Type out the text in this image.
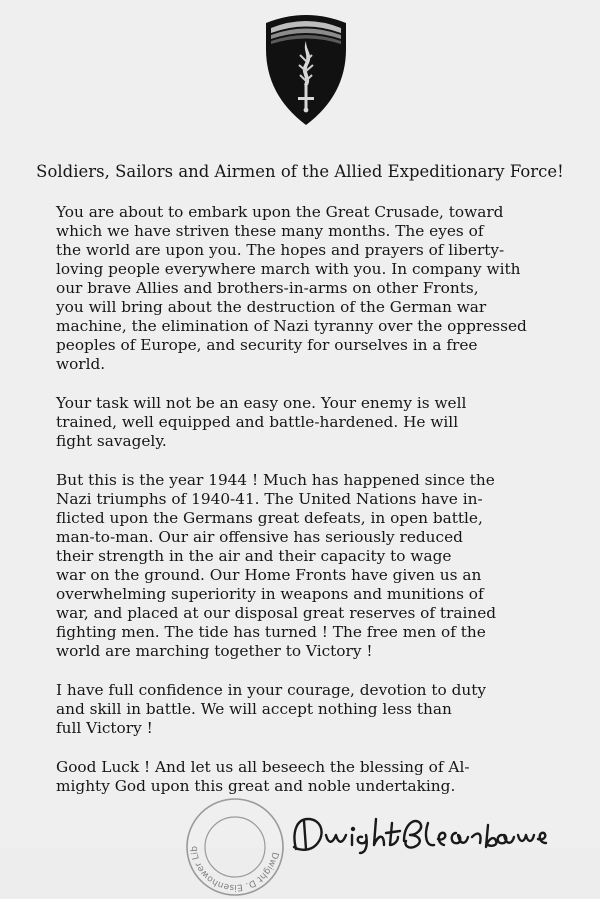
Soldiers, Sailors and Airmen of the Allied Expeditionary Force!

You are about to embark upon the Great Crusade, toward
which we have striven these many months. The eyes of
the world are upon you. The hopes and prayers of liberty-
loving people everywhere march with you. In company with
our brave Allies and brothers-in-arms on other Fronts,
you will bring about the destruction of the German war
machine, the elimination of Nazi tyranny over the oppressed
peoples of Europe, and security for ourselves in a free
world.

Your task will not be an easy one. Your enemy is well
trained, well equipped and battle-hardened. He will
fight savagely.

But this is the year 1944 ! Much has happened since the
Nazi triumphs of 1940-41. The United Nations have in-
flicted upon the Germans great defeats, in open battle,
man-to-man. Our air offensive has seriously reduced
their strength in the air and their capacity to wage
war on the ground. Our Home Fronts have given us an
overwhelming superiority in weapons and munitions of
war, and placed at our disposal great reserves of trained
fighting men. The tide has turned ! The free men of the
world are marching together to Victory !

I have full confidence in your courage, devotion to duty
and skill in battle. We will accept nothing less than
full Victory !

Good Luck ! And let us all beseech the blessing of Al-
mighty God upon this great and noble undertaking.

Dwight D. Eisenhower Lib
